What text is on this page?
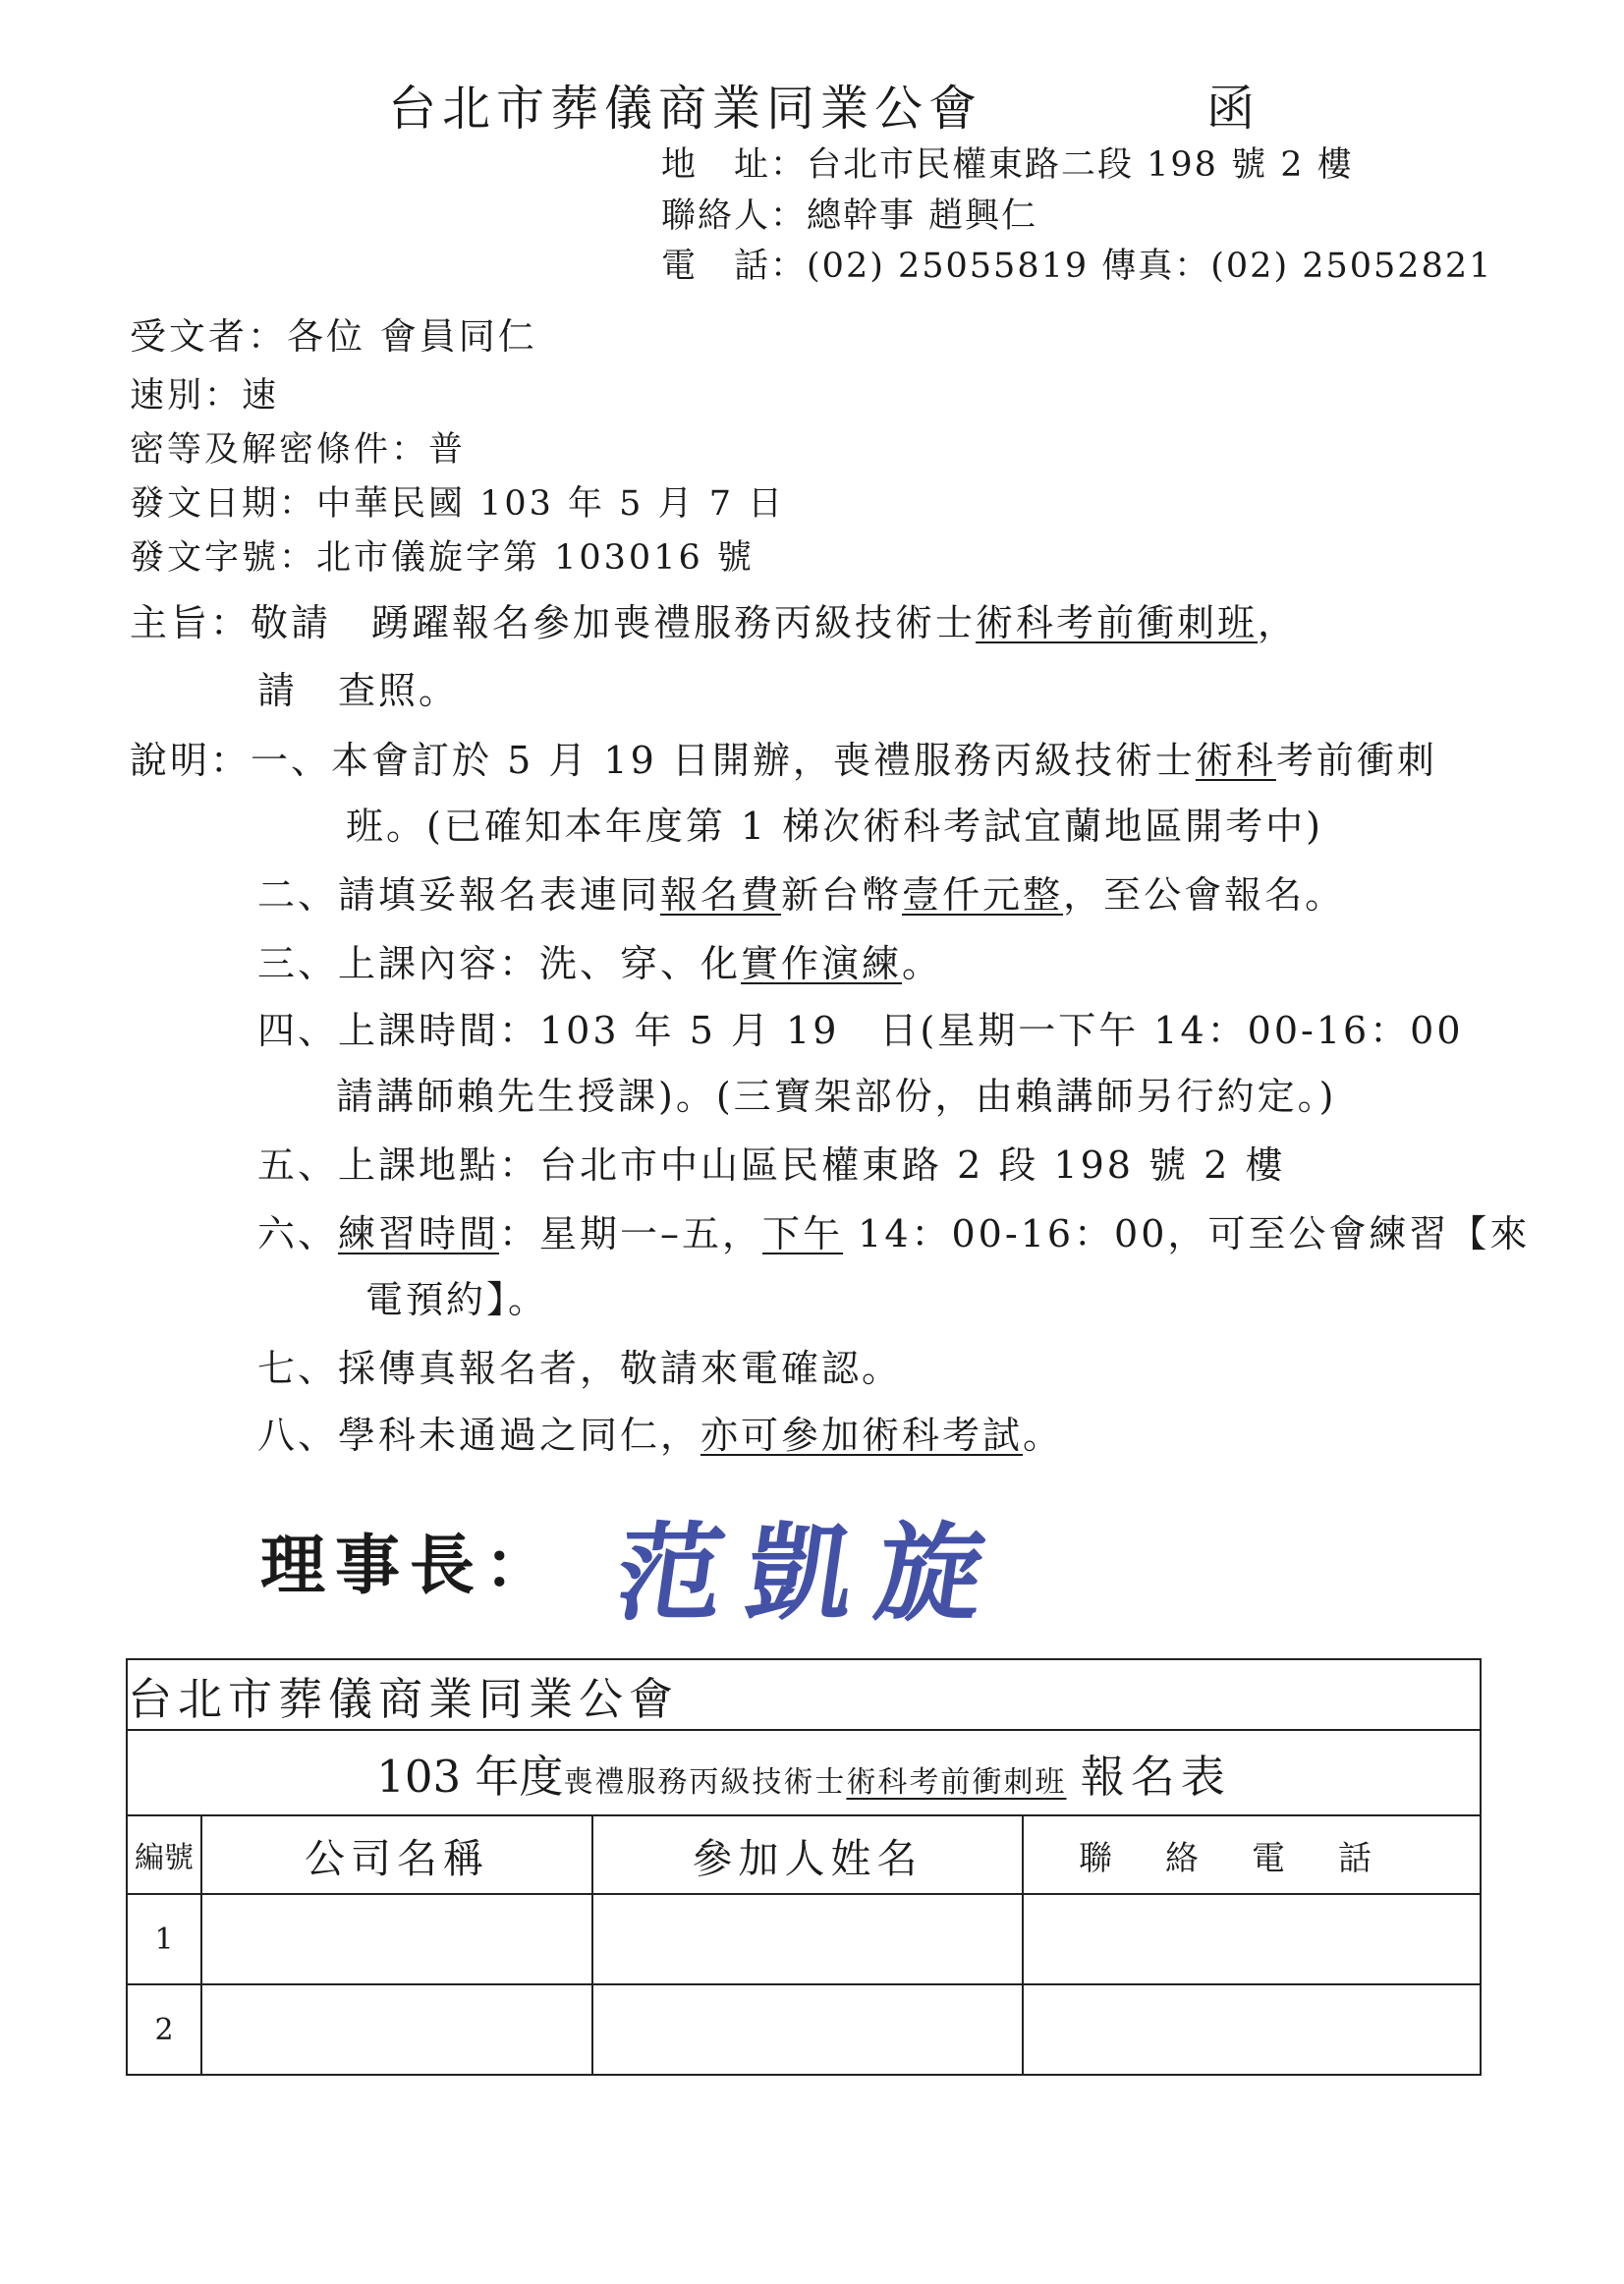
台北市葬儀商業同業公會	函
地　址：台北市民權東路二段 198 號 2 樓
聯絡人：總幹事 趙興仁
電　話：(02) 25055819 傳真：(02) 25052821
受文者：各位 會員同仁
速別：速
密等及解密條件：普
發文日期：中華民國 103 年 5 月 7 日
發文字號：北市儀旋字第 103016 號
主旨：敬請　踴躍報名參加喪禮服務丙級技術士術科考前衝刺班，
請　查照。
說明：一、本會訂於 5 月 19 日開辦，喪禮服務丙級技術士術科考前衝刺
班。(已確知本年度第 1 梯次術科考試宜蘭地區開考中)
二、請填妥報名表連同報名費新台幣壹仟元整，至公會報名。
三、上課內容：洗、穿、化實作演練。
四、上課時間：103 年 5 月 19　日(星期一下午 14：00-16：00
請講師賴先生授課)。(三寶架部份，由賴講師另行約定。)
五、上課地點：台北市中山區民權東路 2 段 198 號 2 樓
六、練習時間：星期一–五，下午 14：00-16：00，可至公會練習【來
電預約】。
七、採傳真報名者，敬請來電確認。
八、學科未通過之同仁，亦可參加術科考試。
理事長： 范凱旋
台北市葬儀商業同業公會			
103 年度喪禮服務丙級技術士術科考前衝刺班 報名表			
編號	公司名稱	參加人姓名	聯絡電話
1			
2			
